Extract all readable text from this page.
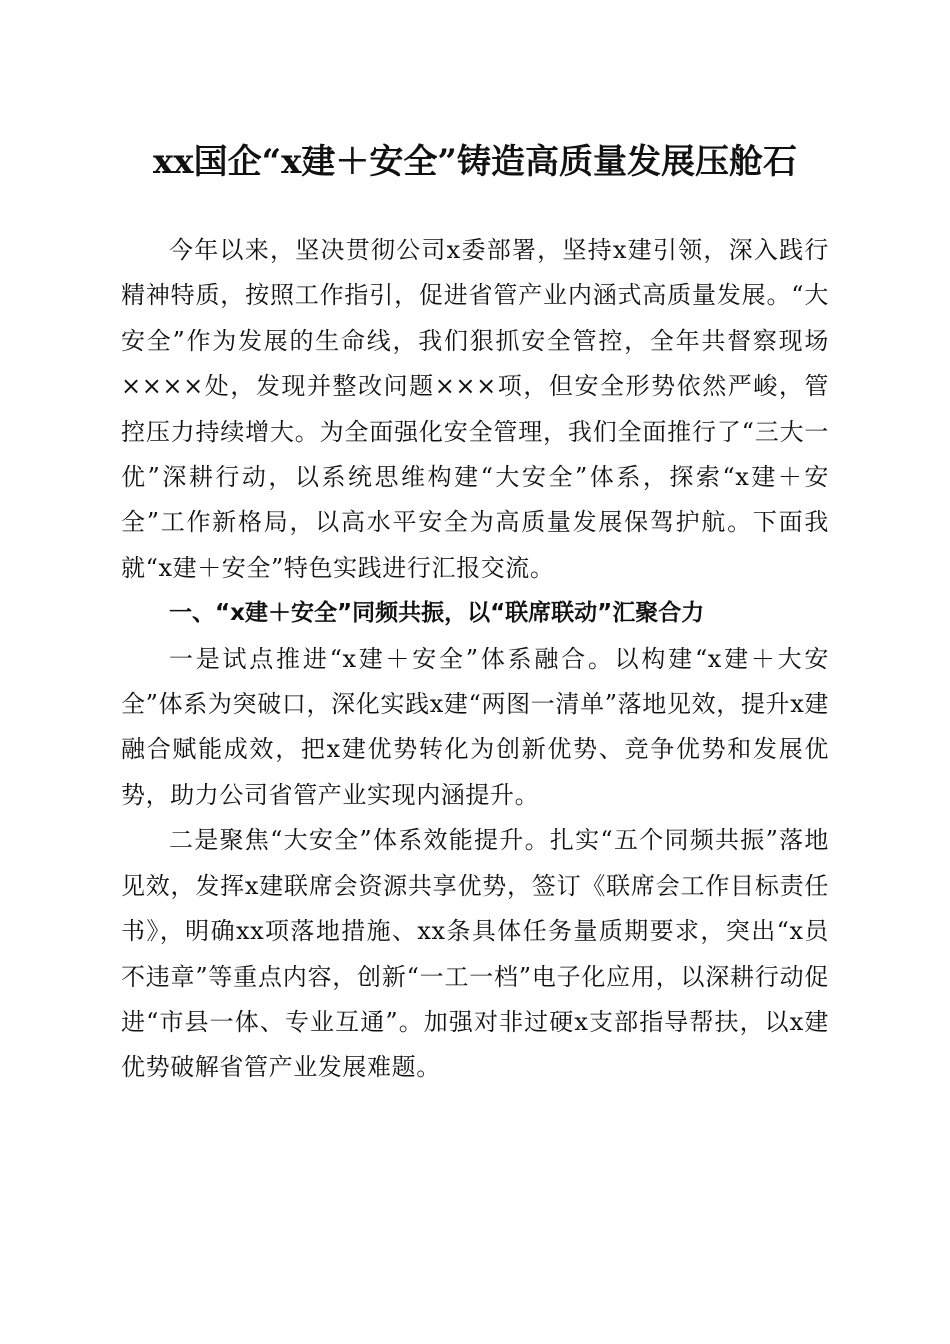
xx国企“x建＋安全”铸造高质量发展压舱石

今年以来，坚决贯彻公司x委部署，坚持x建引领，深入践行精神特质，按照工作指引，促进省管产业内涵式高质量发展。“大安全”作为发展的生命线，我们狠抓安全管控，全年共督察现场××××处，发现并整改问题×××项，但安全形势依然严峻，管控压力持续增大。为全面强化安全管理，我们全面推行了“三大一优”深耕行动，以系统思维构建“大安全”体系，探索“x建＋安全”工作新格局，以高水平安全为高质量发展保驾护航。下面我就“x建＋安全”特色实践进行汇报交流。

一、“x建＋安全”同频共振，以“联席联动”汇聚合力

一是试点推进“x建＋安全”体系融合。以构建“x建＋大安全”体系为突破口，深化实践x建“两图一清单”落地见效，提升x建融合赋能成效，把x建优势转化为创新优势、竞争优势和发展优势，助力公司省管产业实现内涵提升。

二是聚焦“大安全”体系效能提升。扎实“五个同频共振”落地见效，发挥x建联席会资源共享优势，签订《联席会工作目标责任书》，明确xx项落地措施、xx条具体任务量质期要求，突出“x员不违章”等重点内容，创新“一工一档”电子化应用，以深耕行动促进“市县一体、专业互通”。加强对非过硬x支部指导帮扶，以x建优势破解省管产业发展难题。
